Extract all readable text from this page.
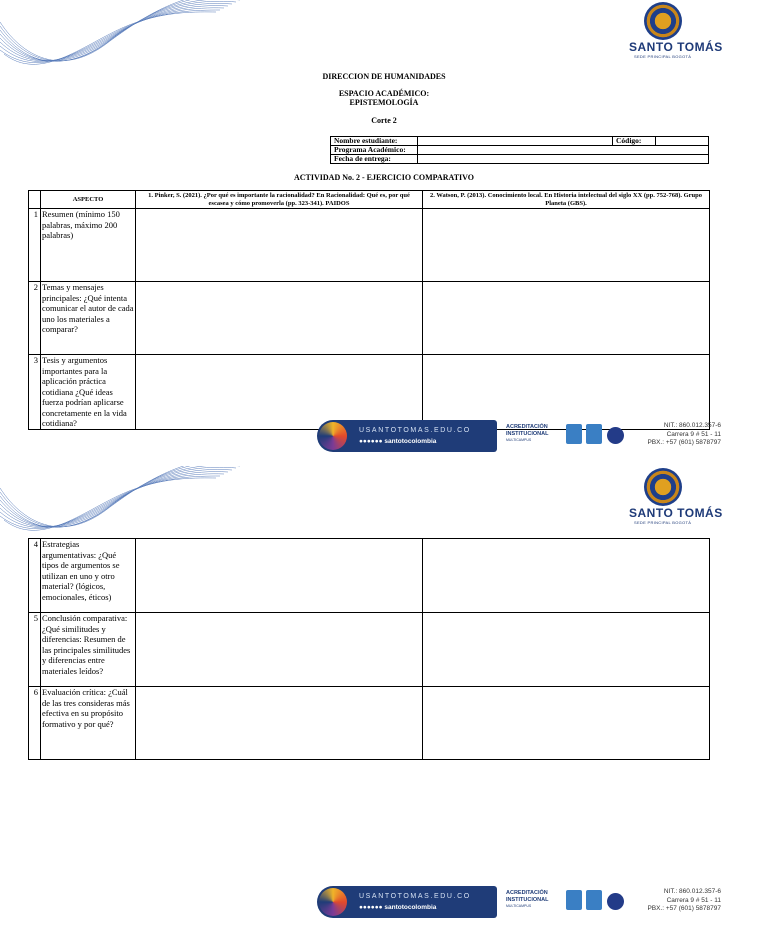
SANTO TOMÁS
SEDE PRINCIPAL BOGOTÁ
DIRECCION DE HUMANIDADES
ESPACIO ACADÉMICO:
EPISTEMOLOGÍA
Corte 2
Nombre estudiante:		Código:	
Programa Académico:			
Fecha de entrega:			
ACTIVIDAD No. 2 - EJERCICIO COMPARATIVO
	ASPECTO	1. Pinker, S. (2021). ¿Por qué es importante la racionalidad? En Racionalidad: Qué es, por qué escasea y cómo promoverla (pp. 323-341). PAIDOS	2. Watson, P. (2013). Conocimiento local. En Historia intelectual del siglo XX (pp. 752-768). Grupo Planeta (GBS).
1	Resumen (mínimo 150 palabras, máximo 200 palabras)		
2	Temas y mensajes principales: ¿Qué intenta comunicar el autor de cada uno los materiales a comparar?		
3	Tesis y argumentos importantes para la aplicación práctica cotidiana ¿Qué ideas fuerza podrían aplicarse concretamente en la vida cotidiana?		
USANTOTOMAS.EDU.CO
●●●●●● santotocolombia
ACREDITACIÓN INSTITUCIONAL
MULTICAMPUS
NIT.: 860.012.357-6
Carrera 9 # 51 - 11
PBX.: +57 (601) 5878797
SANTO TOMÁS
SEDE PRINCIPAL BOGOTÁ
4	Estrategias argumentativas: ¿Qué tipos de argumentos se utilizan en uno y otro material? (lógicos, emocionales, éticos)		
5	Conclusión comparativa: ¿Qué similitudes y diferencias: Resumen de las principales similitudes y diferencias entre materiales leídos?		
6	Evaluación crítica: ¿Cuál de las tres consideras más efectiva en su propósito formativo y por qué?		
USANTOTOMAS.EDU.CO
●●●●●● santotocolombia
ACREDITACIÓN INSTITUCIONAL
MULTICAMPUS
NIT.: 860.012.357-6
Carrera 9 # 51 - 11
PBX.: +57 (601) 5878797
